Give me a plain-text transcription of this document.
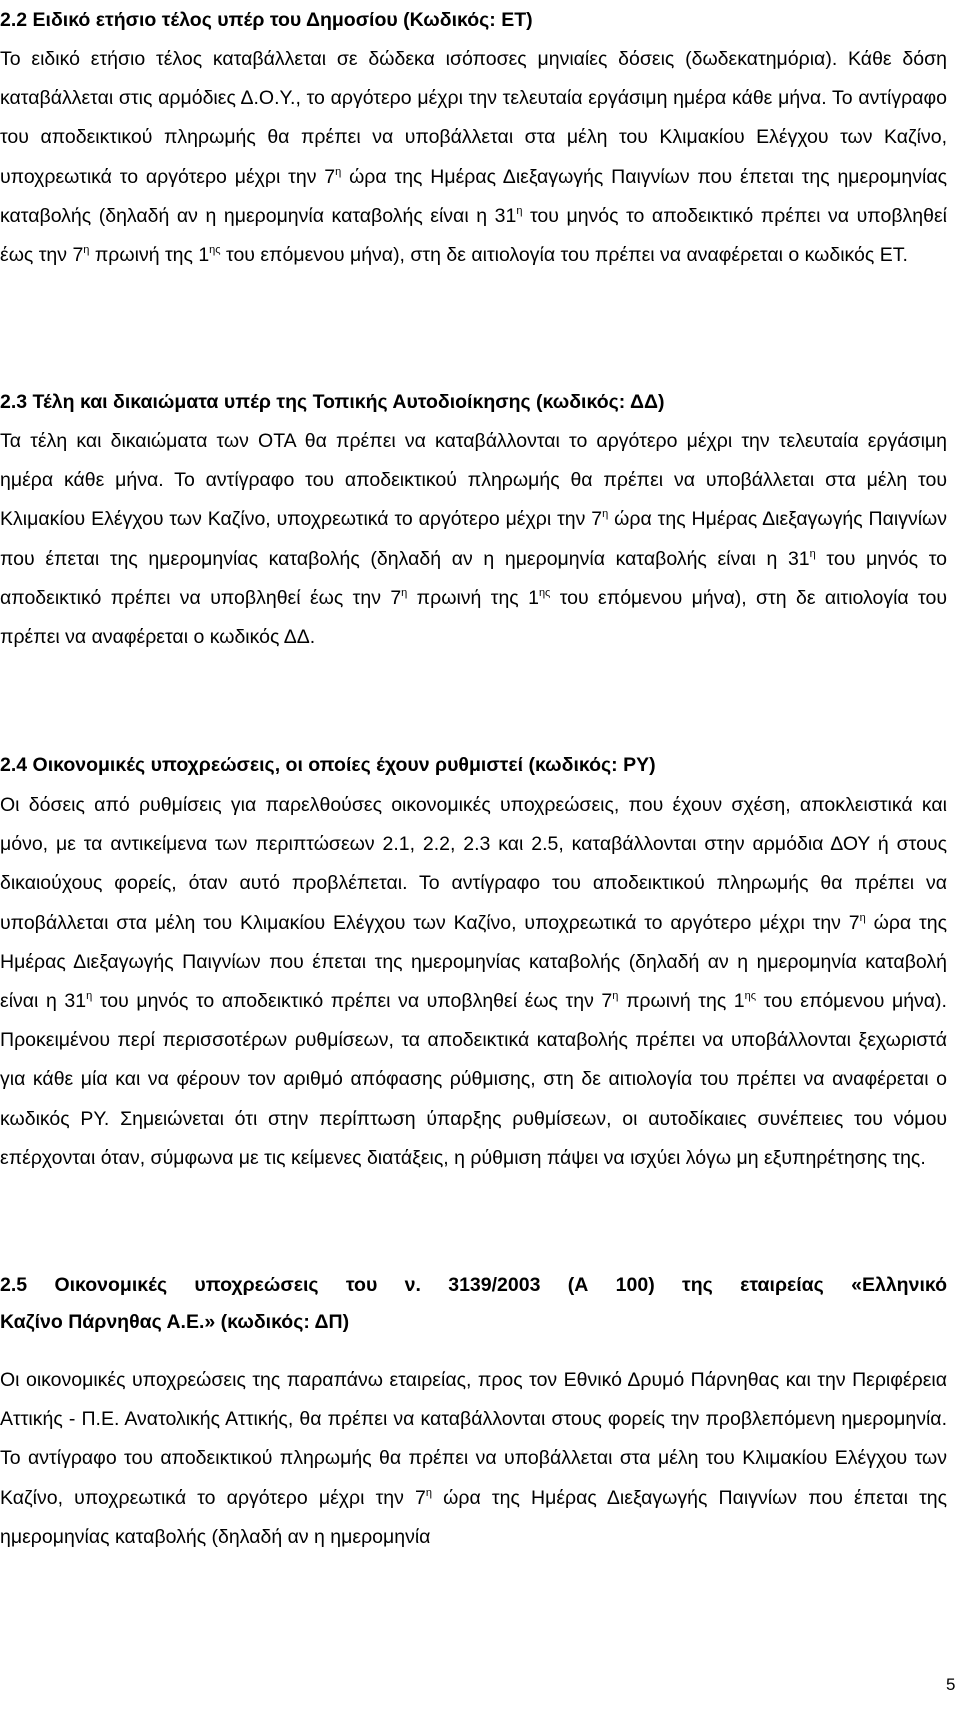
2.2 Ειδικό ετήσιο τέλος υπέρ του Δημοσίου (Κωδικός: ΕΤ)

Το ειδικό ετήσιο τέλος καταβάλλεται σε δώδεκα ισόποσες μηνιαίες δόσεις (δωδεκατημόρια). Κάθε δόση καταβάλλεται στις αρμόδιες Δ.Ο.Υ., το αργότερο μέχρι την τελευταία εργάσιμη ημέρα κάθε μήνα. Το αντίγραφο του αποδεικτικού πληρωμής θα πρέπει να υποβάλλεται στα μέλη του Κλιμακίου Ελέγχου των Καζίνο, υποχρεωτικά το αργότερο μέχρι την $7^\eta$ ώρα της Ημέρας Διεξαγωγής Παιγνίων που έπεται της ημερομηνίας καταβολής (δηλαδή αν η ημερομηνία καταβολής είναι η $31^\eta$ του μηνός το αποδεικτικό πρέπει να υποβληθεί έως την $7^\eta$ πρωινή της $1^{\eta\varsigma}$ του επόμενου μήνα), στη δε αιτιολογία του πρέπει να αναφέρεται ο κωδικός ΕΤ.

2.3 Τέλη και δικαιώματα υπέρ της Τοπικής Αυτοδιοίκησης (κωδικός: ΔΔ)

Τα τέλη και δικαιώματα των ΟΤΑ θα πρέπει να καταβάλλονται το αργότερο μέχρι την τελευταία εργάσιμη ημέρα κάθε μήνα. Το αντίγραφο του αποδεικτικού πληρωμής θα πρέπει να υποβάλλεται στα μέλη του Κλιμακίου Ελέγχου των Καζίνο, υποχρεωτικά το αργότερο μέχρι την $7^\eta$ ώρα της Ημέρας Διεξαγωγής Παιγνίων που έπεται της ημερομηνίας καταβολής (δηλαδή αν η ημερομηνία καταβολής είναι η $31^\eta$ του μηνός το αποδεικτικό πρέπει να υποβληθεί έως την $7^\eta$ πρωινή της $1^{\eta\varsigma}$ του επόμενου μήνα), στη δε αιτιολογία του πρέπει να αναφέρεται ο κωδικός ΔΔ.

2.4 Οικονομικές υποχρεώσεις, οι οποίες έχουν ρυθμιστεί (κωδικός: ΡΥ)

Οι δόσεις από ρυθμίσεις για παρελθούσες οικονομικές υποχρεώσεις, που έχουν σχέση, αποκλειστικά και μόνο, με τα αντικείμενα των περιπτώσεων 2.1, 2.2, 2.3 και 2.5, καταβάλλονται στην αρμόδια ΔΟΥ ή στους δικαιούχους φορείς, όταν αυτό προβλέπεται. Το αντίγραφο του αποδεικτικού πληρωμής θα πρέπει να υποβάλλεται στα μέλη του Κλιμακίου Ελέγχου των Καζίνο, υποχρεωτικά το αργότερο μέχρι την $7^\eta$ ώρα της Ημέρας Διεξαγωγής Παιγνίων που έπεται της ημερομηνίας καταβολής (δηλαδή αν η ημερομηνία καταβολή είναι η $31^\eta$ του μηνός το αποδεικτικό πρέπει να υποβληθεί έως την $7^\eta$ πρωινή της $1^{\eta\varsigma}$ του επόμενου μήνα). Προκειμένου περί περισσοτέρων ρυθμίσεων, τα αποδεικτικά καταβολής πρέπει να υποβάλλονται ξεχωριστά για κάθε μία και να φέρουν τον αριθμό απόφασης ρύθμισης, στη δε αιτιολογία του πρέπει να αναφέρεται ο κωδικός ΡΥ. Σημειώνεται ότι στην περίπτωση ύπαρξης ρυθμίσεων, οι αυτοδίκαιες συνέπειες του νόμου επέρχονται όταν, σύμφωνα με τις κείμενες διατάξεις, η ρύθμιση πάψει να ισχύει λόγω μη εξυπηρέτησης της.

2.5 Οικονομικές υποχρεώσεις του ν. 3139/2003 (Α 100) της εταιρείας «Ελληνικό
Καζίνο Πάρνηθας Α.Ε.» (κωδικός: ΔΠ)

Οι οικονομικές υποχρεώσεις της παραπάνω εταιρείας, προς τον Εθνικό Δρυμό Πάρνηθας και την Περιφέρεια Αττικής - Π.Ε. Ανατολικής Αττικής, θα πρέπει να καταβάλλονται στους φορείς την προβλεπόμενη ημερομηνία. Το αντίγραφο του αποδεικτικού πληρωμής θα πρέπει να υποβάλλεται στα μέλη του Κλιμακίου Ελέγχου των Καζίνο, υποχρεωτικά το αργότερο μέχρι την $7^\eta$ ώρα της Ημέρας Διεξαγωγής Παιγνίων που έπεται της ημερομηνίας καταβολής (δηλαδή αν η ημερομηνία

5
